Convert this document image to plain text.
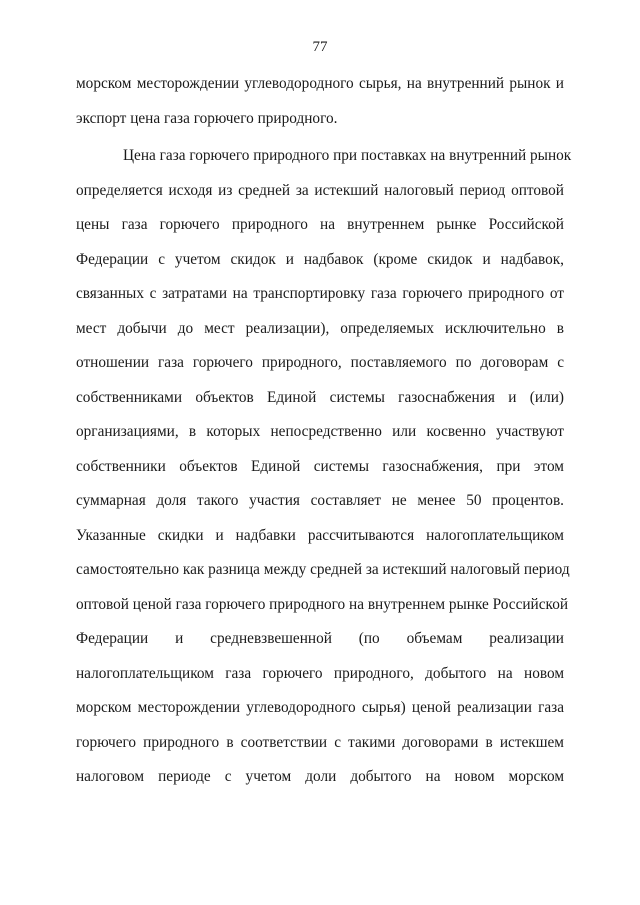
77
морском месторождении углеводородного сырья, на внутренний рынок и
экспорт цена газа горючего природного.
Цена газа горючего природного при поставках на внутренний рынок
определяется исходя из средней за истекший налоговый период оптовой
цены газа горючего природного на внутреннем рынке Российской
Федерации с учетом скидок и надбавок (кроме скидок и надбавок,
связанных с затратами на транспортировку газа горючего природного от
мест добычи до мест реализации), определяемых исключительно в
отношении газа горючего природного, поставляемого по договорам с
собственниками объектов Единой системы газоснабжения и (или)
организациями, в которых непосредственно или косвенно участвуют
собственники объектов Единой системы газоснабжения, при этом
суммарная доля такого участия составляет не менее 50 процентов.
Указанные скидки и надбавки рассчитываются налогоплательщиком
самостоятельно как разница между средней за истекший налоговый период
оптовой ценой газа горючего природного на внутреннем рынке Российской
Федерации и средневзвешенной (по объемам реализации
налогоплательщиком газа горючего природного, добытого на новом
морском месторождении углеводородного сырья) ценой реализации газа
горючего природного в соответствии с такими договорами в истекшем
налоговом периоде с учетом доли добытого на новом морском
